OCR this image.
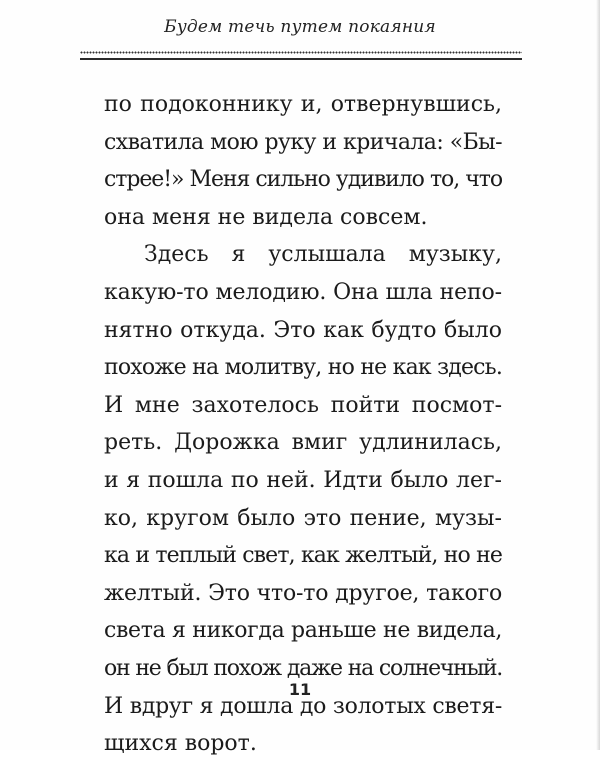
Будем течь путем покаяния
по подоконнику и, отвернувшись,
схватила мою руку и кричала: «Бы-
стрее!» Меня сильно удивило то, что
она меня не видела совсем.
Здесь я услышала музыку,
какую-то мелодию. Она шла непо-
нятно откуда. Это как будто было
похоже на молитву, но не как здесь.
И мне захотелось пойти посмот-
реть. Дорожка вмиг удлинилась,
и я пошла по ней. Идти было лег-
ко, кругом было это пение, музы-
ка и теплый свет, как желтый, но не
желтый. Это что-то другое, такого
света я никогда раньше не видела,
он не был похож даже на солнечный.
И вдруг я дошла до золотых светя-
щихся ворот.
11
